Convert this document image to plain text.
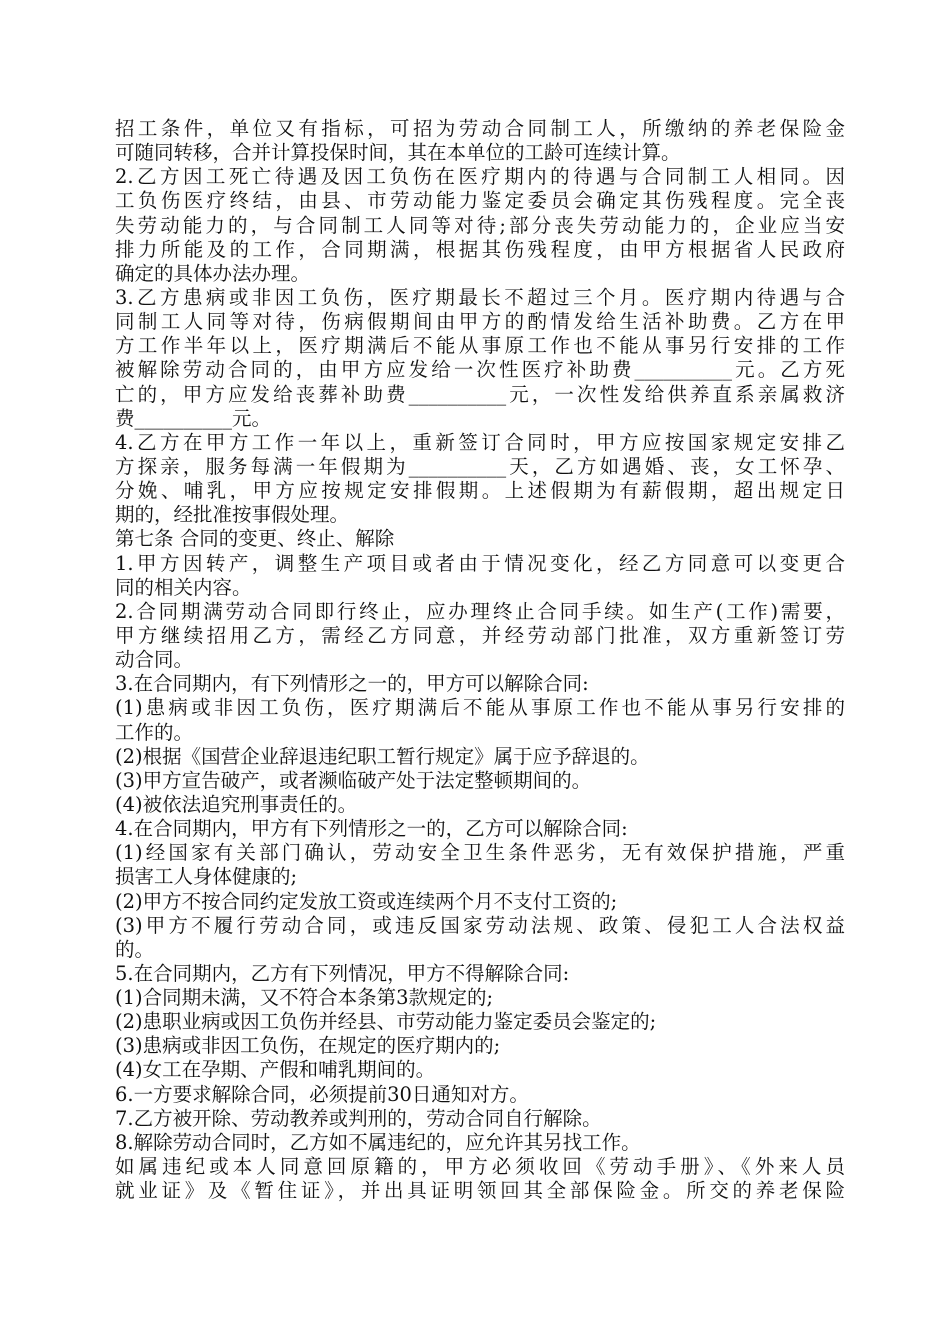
招工条件，单位又有指标，可招为劳动合同制工人，所缴纳的养老保险金
可随同转移，合并计算投保时间，其在本单位的工龄可连续计算。
2.乙方因工死亡待遇及因工负伤在医疗期内的待遇与合同制工人相同。因
工负伤医疗终结，由县、市劳动能力鉴定委员会确定其伤残程度。完全丧
失劳动能力的，与合同制工人同等对待;部分丧失劳动能力的，企业应当安
排力所能及的工作，合同期满，根据其伤残程度，由甲方根据省人民政府
确定的具体办法办理。
3.乙方患病或非因工负伤，医疗期最长不超过三个月。医疗期内待遇与合
同制工人同等对待，伤病假期间由甲方的酌情发给生活补助费。乙方在甲
方工作半年以上，医疗期满后不能从事原工作也不能从事另行安排的工作
被解除劳动合同的，由甲方应发给一次性医疗补助费__________元。乙方死
亡的，甲方应发给丧葬补助费__________元，一次性发给供养直系亲属救济
费__________元。
4.乙方在甲方工作一年以上，重新签订合同时，甲方应按国家规定安排乙
方探亲，服务每满一年假期为__________天，乙方如遇婚、丧，女工怀孕、
分娩、哺乳，甲方应按规定安排假期。上述假期为有薪假期，超出规定日
期的，经批准按事假处理。
第七条 合同的变更、终止、解除
1.甲方因转产，调整生产项目或者由于情况变化，经乙方同意可以变更合
同的相关内容。
2.合同期满劳动合同即行终止，应办理终止合同手续。如生产(工作)需要，
甲方继续招用乙方，需经乙方同意，并经劳动部门批准，双方重新签订劳
动合同。
3.在合同期内，有下列情形之一的，甲方可以解除合同:
(1)患病或非因工负伤，医疗期满后不能从事原工作也不能从事另行安排的
工作的。
(2)根据《国营企业辞退违纪职工暂行规定》属于应予辞退的。
(3)甲方宣告破产，或者濒临破产处于法定整顿期间的。
(4)被依法追究刑事责任的。
4.在合同期内，甲方有下列情形之一的，乙方可以解除合同:
(1)经国家有关部门确认，劳动安全卫生条件恶劣，无有效保护措施，严重
损害工人身体健康的;
(2)甲方不按合同约定发放工资或连续两个月不支付工资的;
(3)甲方不履行劳动合同，或违反国家劳动法规、政策、侵犯工人合法权益
的。
5.在合同期内，乙方有下列情况，甲方不得解除合同:
(1)合同期未满，又不符合本条第3款规定的;
(2)患职业病或因工负伤并经县、市劳动能力鉴定委员会鉴定的;
(3)患病或非因工负伤，在规定的医疗期内的;
(4)女工在孕期、产假和哺乳期间的。
6.一方要求解除合同，必须提前30日通知对方。
7.乙方被开除、劳动教养或判刑的，劳动合同自行解除。
8.解除劳动合同时，乙方如不属违纪的，应允许其另找工作。
如属违纪或本人同意回原籍的，甲方必须收回《劳动手册》、《外来人员
就业证》及《暂住证》，并出具证明领回其全部保险金。所交的养老保险
